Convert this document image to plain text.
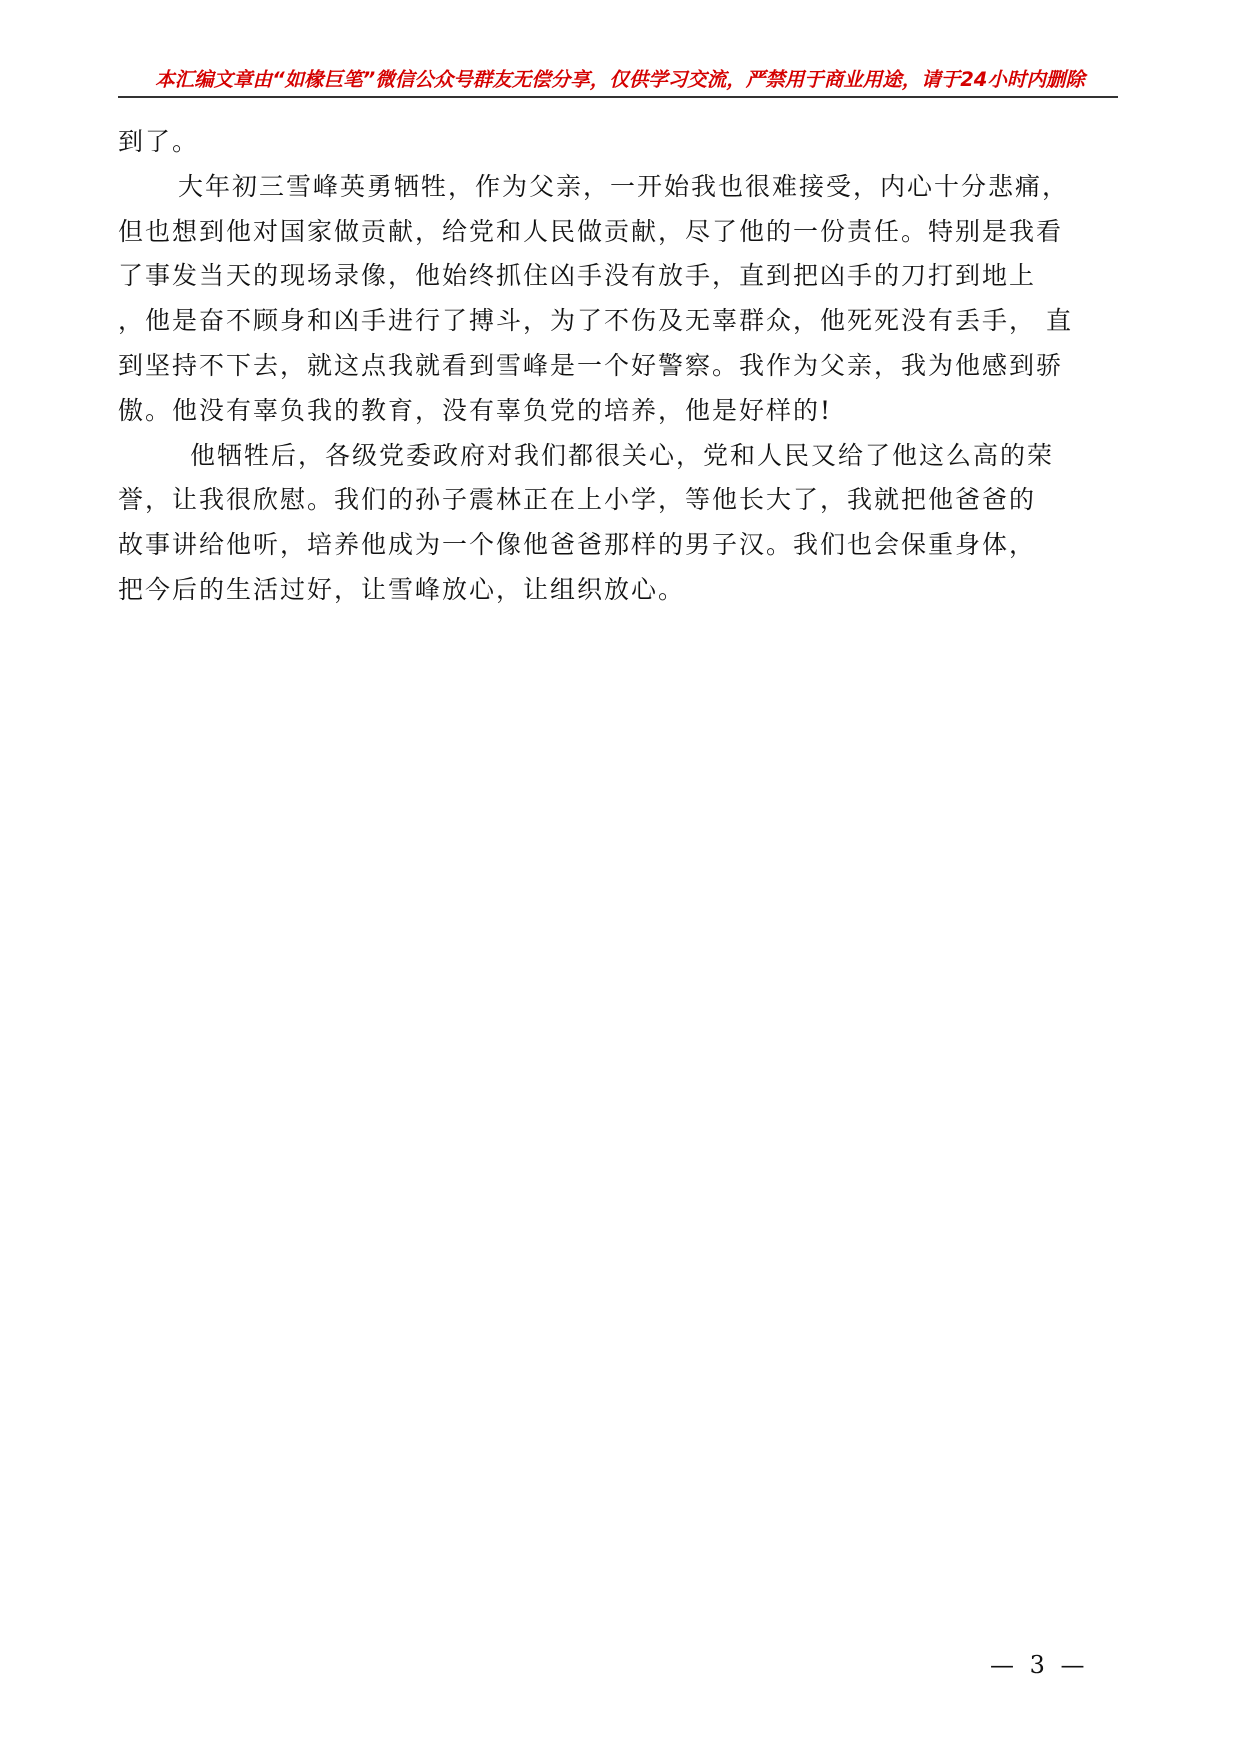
本汇编文章由“如椽巨笔”微信公众号群友无偿分享，仅供学习交流，严禁用于商业用途，请于24小时内删除
到了。
大年初三雪峰英勇牺牲，作为父亲，一开始我也很难接受，内心十分悲痛，
但也想到他对国家做贡献，给党和人民做贡献，尽了他的一份责任。特别是我看
了事发当天的现场录像，他始终抓住凶手没有放手，直到把凶手的刀打到地上
，他是奋不顾身和凶手进行了搏斗，为了不伤及无辜群众，他死死没有丢手， 直
到坚持不下去，就这点我就看到雪峰是一个好警察。我作为父亲，我为他感到骄
傲。他没有辜负我的教育，没有辜负党的培养，他是好样的!
他牺牲后，各级党委政府对我们都很关心，党和人民又给了他这么高的荣
誉，让我很欣慰。我们的孙子震林正在上小学，等他长大了，我就把他爸爸的
故事讲给他听，培养他成为一个像他爸爸那样的男子汉。我们也会保重身体，
把今后的生活过好，让雪峰放心，让组织放心。
— 3 —
